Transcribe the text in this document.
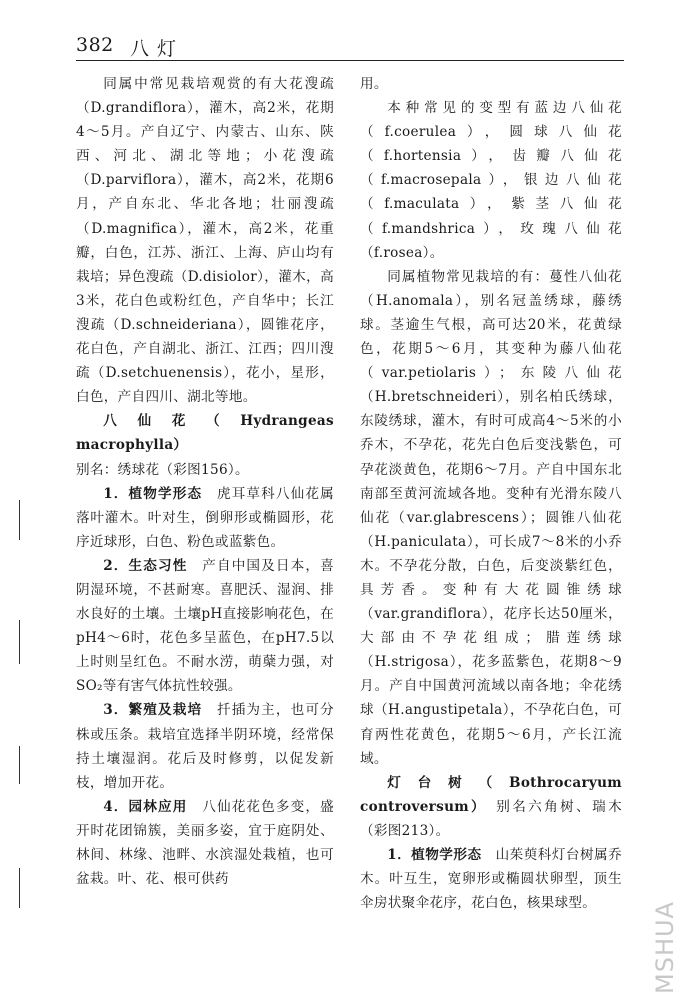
382 八灯

同属中常见栽培观赏的有大花溲疏（D.grandiflora），灌木，高2米，花期4～5月。产自辽宁、内蒙古、山东、陕西、河北、湖北等地；小花溲疏（D.parviflora），灌木，高2米，花期6月，产自东北、华北各地；壮丽溲疏（D.magnifica），灌木，高2米，花重瓣，白色，江苏、浙江、上海、庐山均有栽培；异色溲疏（D.disiolor），灌木，高3米，花白色或粉红色，产自华中；长江溲疏（D.schneideriana），圆锥花序，花白色，产自湖北、浙江、江西；四川溲疏（D.setchuenensis），花小，星形，白色，产自四川、湖北等地。

八仙花（Hydrangeas macrophylla）

别名：绣球花（彩图156）。

1．植物学形态　 虎耳草科八仙花属落叶灌木。叶对生，倒卵形或椭圆形，花序近球形，白色、粉色或蓝紫色。

2．生态习性　 产自中国及日本，喜阴湿环境，不甚耐寒。喜肥沃、湿润、排水良好的土壤。土壤pH直接影响花色，在pH4～6时，花色多呈蓝色，在pH7.5以上时则呈红色。不耐水涝，萌蘖力强，对SO₂等有害气体抗性较强。

3．繁殖及栽培　 扦插为主，也可分株或压条。栽培宜选择半阴环境，经常保持土壤湿润。花后及时修剪，以促发新枝，增加开花。

4．园林应用　 八仙花花色多变，盛开时花团锦簇，美丽多姿，宜于庭阴处、林间、林缘、池畔、水滨湿处栽植，也可盆栽。叶、花、根可供药

用。

本种常见的变型有蓝边八仙花（f.coerulea），圆球八仙花（f.hortensia），齿瓣八仙花（f.macrosepala），银边八仙花（f.maculata），紫茎八仙花（f.mandshrica），玫瑰八仙花（f.rosea）。

同属植物常见栽培的有：蔓性八仙花（H.anomala），别名冠盖绣球，藤绣球。茎逾生气根，高可达20米，花黄绿色，花期5～6月，其变种为藤八仙花（var.petiolaris）；东陵八仙花（H.bretschneideri），别名柏氏绣球，东陵绣球，灌木，有时可成高4～5米的小乔木，不孕花，花先白色后变浅紫色，可孕花淡黄色，花期6～7月。产自中国东北南部至黄河流域各地。变种有光滑东陵八仙花（var.glabrescens）；圆锥八仙花（H.paniculata），可长成7～8米的小乔木。不孕花分散，白色，后变淡紫红色，具芳香。变种有大花圆锥绣球（var.grandiflora），花序长达50厘米，大部由不孕花组成；腊莲绣球（H.strigosa），花多蓝紫色，花期8～9月。产自中国黄河流域以南各地；伞花绣球（H.angustipetala），不孕花白色，可育两性花黄色，花期5～6月，产长江流域。

灯台树（Bothrocaryum controversum）　 别名六角树、瑞木（彩图213）。

1．植物学形态　 山茱萸科灯台树属乔木。叶互生，宽卵形或椭圆状卵型，顶生伞房状聚伞花序，花白色，核果球型。	MSHUA
